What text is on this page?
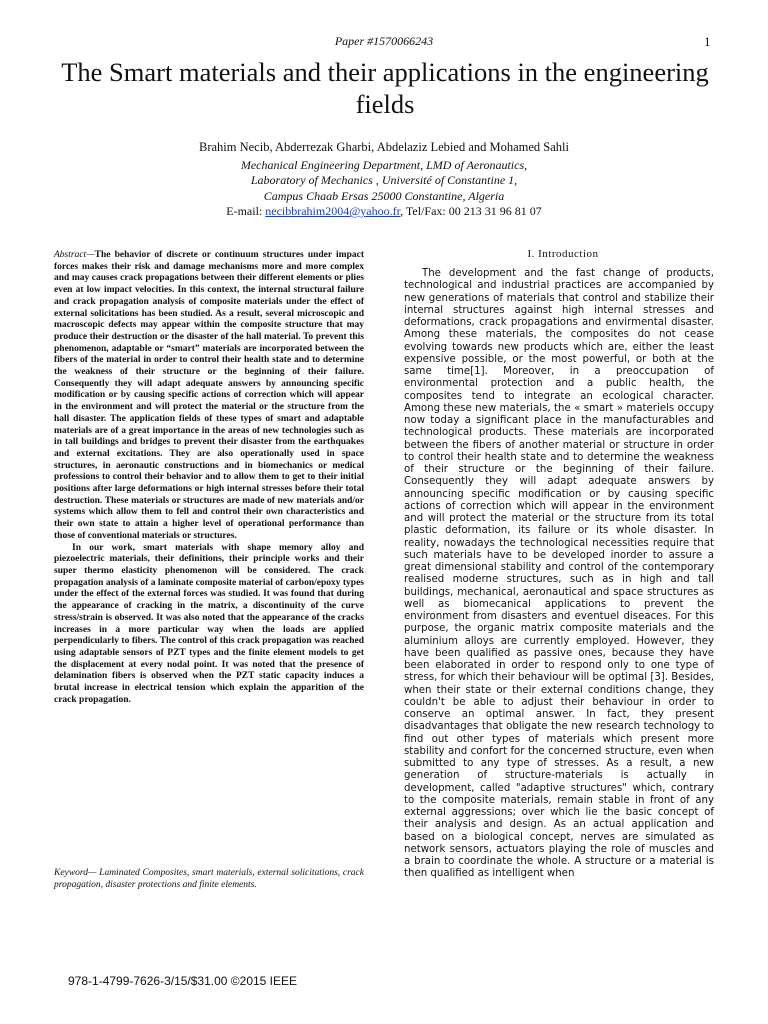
Paper #1570066243	1
The Smart materials and their applications in the engineering fields
Brahim Necib, Abderrezak Gharbi, Abdelaziz Lebied and Mohamed Sahli
Mechanical Engineering Department, LMD of Aeronautics,
Laboratory of Mechanics , Université of Constantine 1,
Campus Chaab Ersas 25000 Constantine, Algeria
E-mail: necibbrahim2004@yahoo.fr, Tel/Fax: 00 213 31 96 81 07

Abstract—The behavior of discrete or continuum structures under impact forces makes their risk and damage mechanisms more and more complex and may causes crack propagations between their different elements or plies even at low impact velocities. In this context, the internal structural failure and crack propagation analysis of composite materials under the effect of external solicitations has been studied. As a result, several microscopic and macroscopic defects may appear within the composite structure that may produce their destruction or the disaster of the hall material. To prevent this phenomenon, adaptable or “smart” materials are incorporated between the fibers of the material in order to control their health state and to determine the weakness of their structure or the beginning of their failure. Consequently they will adapt adequate answers by announcing specific modification or by causing specific actions of correction which will appear in the environment and will protect the material or the structure from the hall disaster. The application fields of these types of smart and adaptable materials are of a great importance in the areas of new technologies such as in tall buildings and bridges to prevent their disaster from the earthquakes and external excitations. They are also operationally used in space structures, in aeronautic constructions and in biomechanics or medical professions to control their behavior and to allow them to get to their initial positions after large deformations or high internal stresses before their total destruction. These materials or structures are made of new materials and/or systems which allow them to fell and control their own characteristics and their own state to attain a higher level of operational performance than those of conventional materials or structures.

In our work, smart materials with shape memory alloy and piezoelectric materials, their definitions, their principle works and their super thermo elasticity phenomenon will be considered. The crack propagation analysis of a laminate composite material of carbon/epoxy types under the effect of the external forces was studied. It was found that during the appearance of cracking in the matrix, a discontinuity of the curve stress/strain is observed. It was also noted that the appearance of the cracks increases in a more particular way when the loads are applied perpendicularly to fibers. The control of this crack propagation was reached using adaptable sensors of PZT types and the finite element models to get the displacement at every nodal point. It was noted that the presence of delamination fibers is observed when the PZT static capacity induces a brutal increase in electrical tension which explain the apparition of the crack propagation.

Keyword— Laminated Composites, smart materials, external solicitations, crack propagation, disaster protections and finite elements.
978-1-4799-7626-3/15/$31.00 ©2015 IEEE
I. Introduction

The development and the fast change of products, technological and industrial practices are accompanied by new generations of materials that control and stabilize their internal structures against high internal stresses and deformations, crack propagations and envirmental disaster. Among these materials, the composites do not cease evolving towards new products which are, either the least expensive possible, or the most powerful, or both at the same time[1]. Moreover, in a preoccupation of environmental protection and a public health, the composites tend to integrate an ecological character. Among these new materials, the « smart » materiels occupy now today a significant place in the manufacturables and technological products. These materials are incorporated between the fibers of another material or structure in order to control their health state and to determine the weakness of their structure or the beginning of their failure. Consequently they will adapt adequate answers by announcing specific modification or by causing specific actions of correction which will appear in the environment and will protect the material or the structure from its total plastic deformation, its failure or its whole disaster. In reality, nowadays the technological necessities require that such materials have to be developed inorder to assure a great dimensional stability and control of the contemporary realised moderne structures, such as in high and tall buildings, mechanical, aeronautical and space structures as well as biomecanical applications to prevent the environment from disasters and eventuel diseaces. For this purpose, the organic matrix composite materials and the aluminium alloys are currently employed. However, they have been qualified as passive ones, because they have been elaborated in order to respond only to one type of stress, for which their behaviour will be optimal [3]. Besides, when their state or their external conditions change, they couldn't be able to adjust their behaviour in order to conserve an optimal answer. In fact, they present disadvantages that obligate the new research technology to find out other types of materials which present more stability and confort for the concerned structure, even when submitted to any type of stresses. As a result, a new generation of structure-materials is actually in development, called "adaptive structures" which, contrary to the composite materials, remain stable in front of any external aggressions; over which lie the basic concept of their analysis and design. As an actual application and based on a biological concept, nerves are simulated as network sensors, actuators playing the role of muscles and a brain to coordinate the whole. A structure or a material is then qualified as intelligent when
